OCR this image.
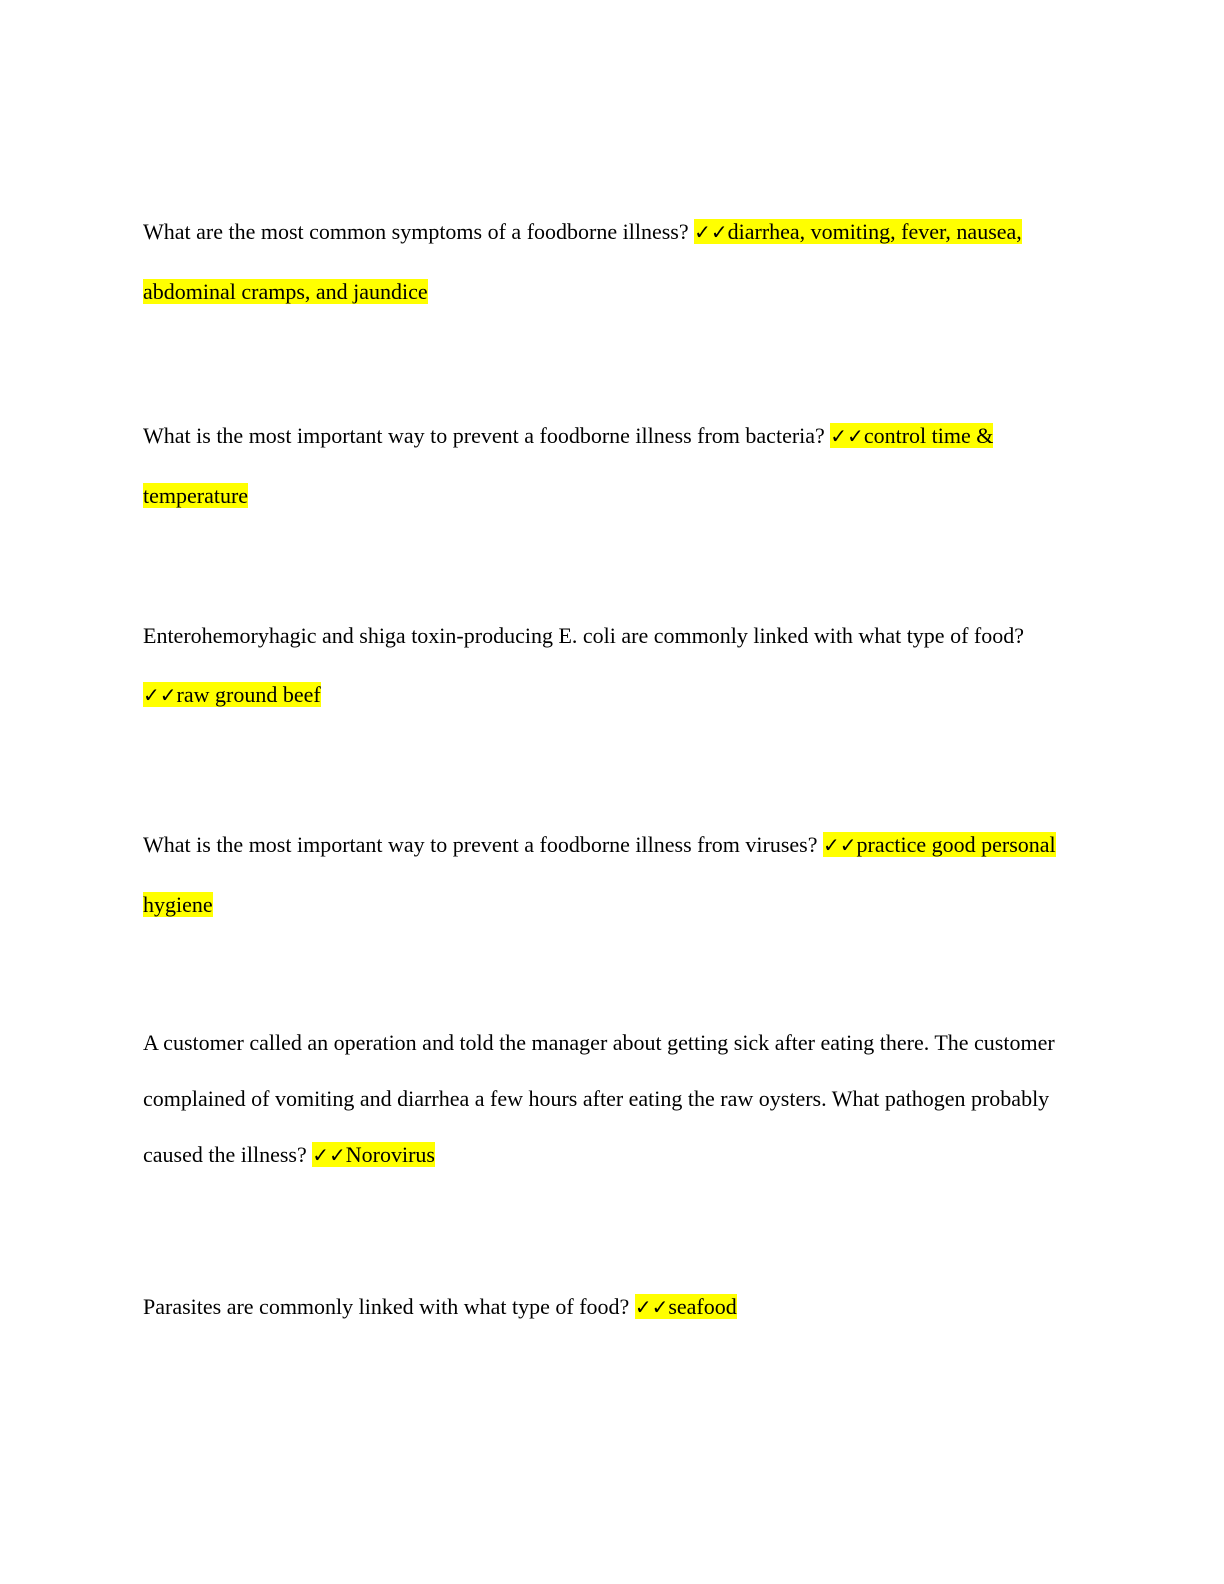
What are the most common symptoms of a foodborne illness? ✓✓diarrhea, vomiting, fever, nausea, abdominal cramps, and jaundice

What is the most important way to prevent a foodborne illness from bacteria? ✓✓control time & temperature

Enterohemoryhagic and shiga toxin-producing E. coli are commonly linked with what type of food? ✓✓raw ground beef

What is the most important way to prevent a foodborne illness from viruses? ✓✓practice good personal hygiene

A customer called an operation and told the manager about getting sick after eating there. The customer complained of vomiting and diarrhea a few hours after eating the raw oysters. What pathogen probably caused the illness? ✓✓Norovirus

Parasites are commonly linked with what type of food? ✓✓seafood
